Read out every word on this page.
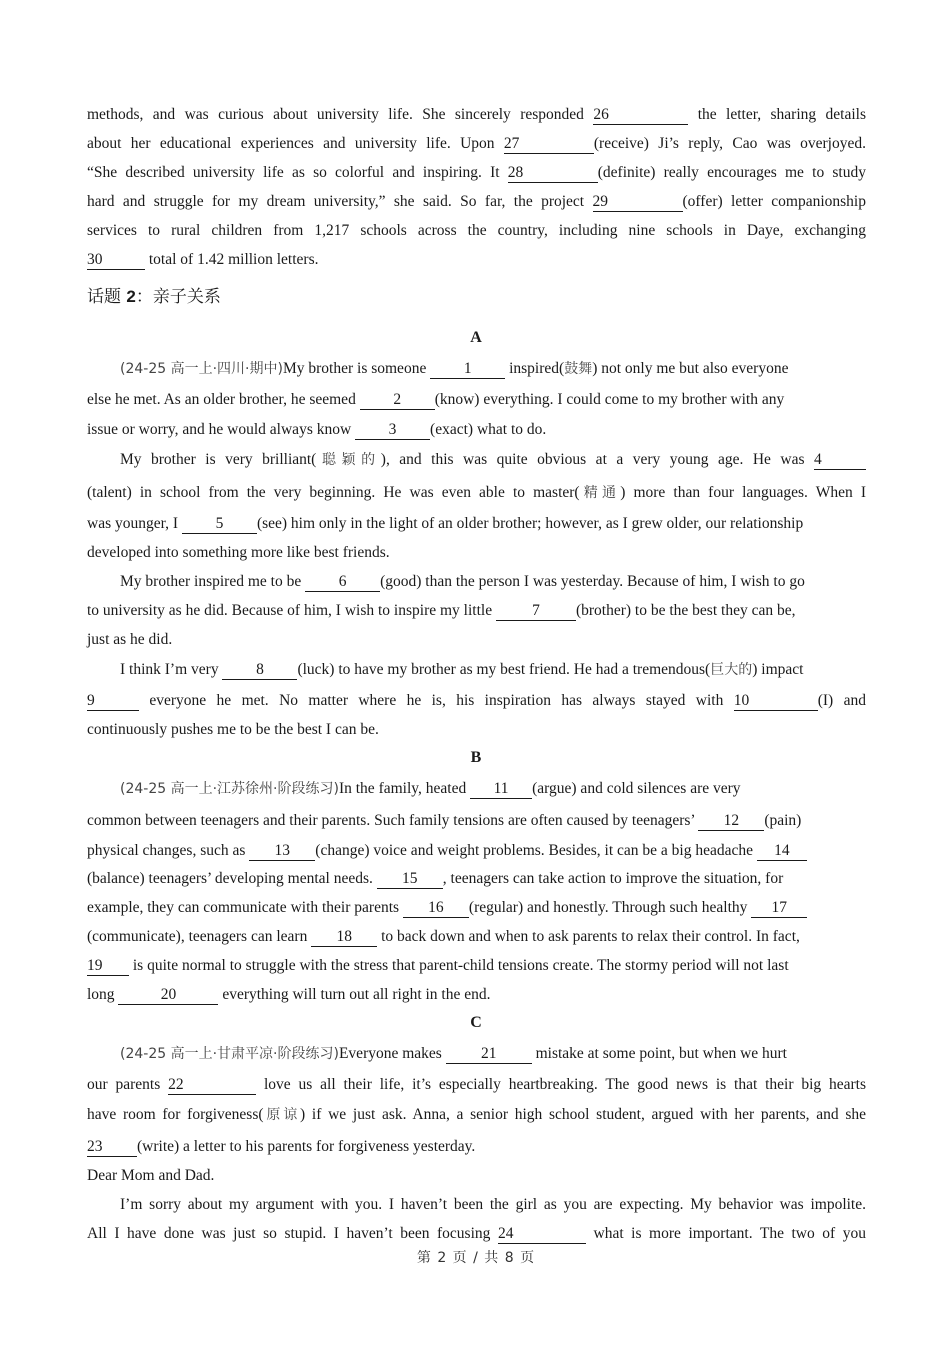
methods, and was curious about university life. She sincerely responded 26	the letter, sharing details
about her educational experiences and university life. Upon 27	(receive) Ji’s reply, Cao was overjoyed.
“She described university life as so colorful and inspiring. It 28	(definite) really encourages me to study
hard and struggle for my dream university,” she said. So far, the project 29	(offer) letter companionship
services to rural children from 1,217 schools across the country, including nine schools in Daye, exchanging
30	total of 1.42 million letters.
话题 2：亲子关系
A
(24-25 高一上·四川·期中)My brother is someone 1 inspired(鼓舞) not only me but also everyone
else he met. As an older brother, he seemed 2 (know) everything. I could come to my brother with any
issue or worry, and he would always know 3 (exact) what to do.
My brother is very brilliant(聪颖的), and this was quite obvious at a very young age. He was 4
(talent) in school from the very beginning. He was even able to master(精通) more than four languages. When I
was younger, I 5 (see) him only in the light of an older brother; however, as I grew older, our relationship
developed into something more like best friends.
My brother inspired me to be 6 (good) than the person I was yesterday. Because of him, I wish to go
to university as he did. Because of him, I wish to inspire my little 7 (brother) to be the best they can be,
just as he did.
I think I’m very 8 (luck) to have my brother as my best friend. He had a tremendous(巨大的) impact
9	everyone he met. No matter where he is, his inspiration has always stayed with 10	(I) and
continuously pushes me to be the best I can be.
B
(24-25 高一上·江苏徐州·阶段练习)In the family, heated 11 (argue) and cold silences are very
common between teenagers and their parents. Such family tensions are often caused by teenagers’ 12 (pain)
physical changes, such as 13 (change) voice and weight problems. Besides, it can be a big headache 14
(balance) teenagers’ developing mental needs. 15 , teenagers can take action to improve the situation, for
example, they can communicate with their parents 16 (regular) and honestly. Through such healthy 17
(communicate), teenagers can learn 18 to back down and when to ask parents to relax their control. In fact,
19 is quite normal to struggle with the stress that parent-child tensions create. The stormy period will not last
long	20	everything will turn out all right in the end.
C
(24-25 高一上·甘肃平凉·阶段练习)Everyone makes 21 mistake at some point, but when we hurt
our parents 22	love us all their life, it’s especially heartbreaking. The good news is that their big hearts
have room for forgiveness(原谅) if we just ask. Anna, a senior high school student, argued with her parents, and she
23 (write) a letter to his parents for forgiveness yesterday.
Dear Mom and Dad.
I’m sorry about my argument with you. I haven’t been the girl as you are expecting. My behavior was impolite.
All I have done was just so stupid. I haven’t been focusing 24	what is more important. The two of you
第 2 页 / 共 8 页
